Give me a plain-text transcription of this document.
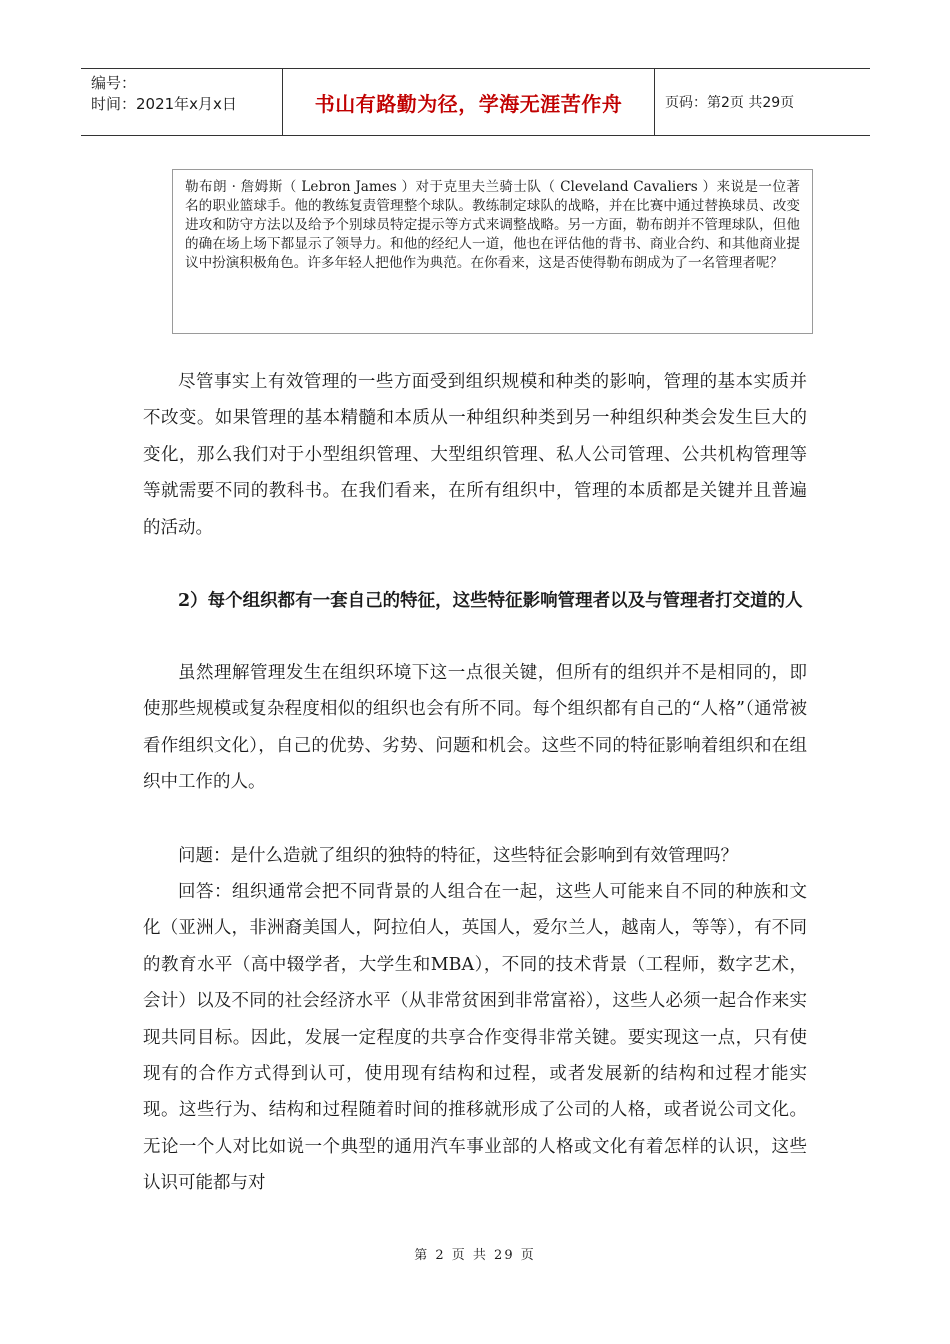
编号：
时间：2021年x月x日	书山有路勤为径，学海无涯苦作舟	页码：第2页 共29页
勒布朗 · 詹姆斯（ Lebron James ）对于克里夫兰骑士队（ Cleveland Cavaliers ）来说是一位著名的职业篮球手。他的教练复责管理整个球队。教练制定球队的战略，并在比赛中通过替换球员、改变进攻和防守方法以及给予个别球员特定提示等方式来调整战略。另一方面，勒布朗并不管理球队，但他的确在场上场下都显示了领导力。和他的经纪人一道，他也在评估他的背书、商业合约、和其他商业提议中扮演积极角色。许多年轻人把他作为典范。在你看来，这是否使得勒布朗成为了一名管理者呢？

尽管事实上有效管理的一些方面受到组织规模和种类的影响，管理的基本实质并不改变。如果管理的基本精髓和本质从一种组织种类到另一种组织种类会发生巨大的变化，那么我们对于小型组织管理、大型组织管理、私人公司管理、公共机构管理等等就需要不同的教科书。在我们看来，在所有组织中，管理的本质都是关键并且普遍的活动。

2）每个组织都有一套自己的特征，这些特征影响管理者以及与管理者打交道的人

虽然理解管理发生在组织环境下这一点很关键，但所有的组织并不是相同的，即使那些规模或复杂程度相似的组织也会有所不同。每个组织都有自己的“人格”（通常被看作组织文化），自己的优势、劣势、问题和机会。这些不同的特征影响着组织和在组织中工作的人。

问题：是什么造就了组织的独特的特征，这些特征会影响到有效管理吗？

回答：组织通常会把不同背景的人组合在一起，这些人可能来自不同的种族和文化（亚洲人，非洲裔美国人，阿拉伯人，英国人，爱尔兰人，越南人，等等），有不同的教育水平（高中辍学者，大学生和MBA），不同的技术背景（工程师，数字艺术，会计）以及不同的社会经济水平（从非常贫困到非常富裕），这些人必须一起合作来实现共同目标。因此，发展一定程度的共享合作变得非常关键。要实现这一点，只有使现有的合作方式得到认可，使用现有结构和过程，或者发展新的结构和过程才能实现。这些行为、结构和过程随着时间的推移就形成了公司的人格，或者说公司文化。无论一个人对比如说一个典型的通用汽车事业部的人格或文化有着怎样的认识，这些认识可能都与对

第 2 页 共 29 页
